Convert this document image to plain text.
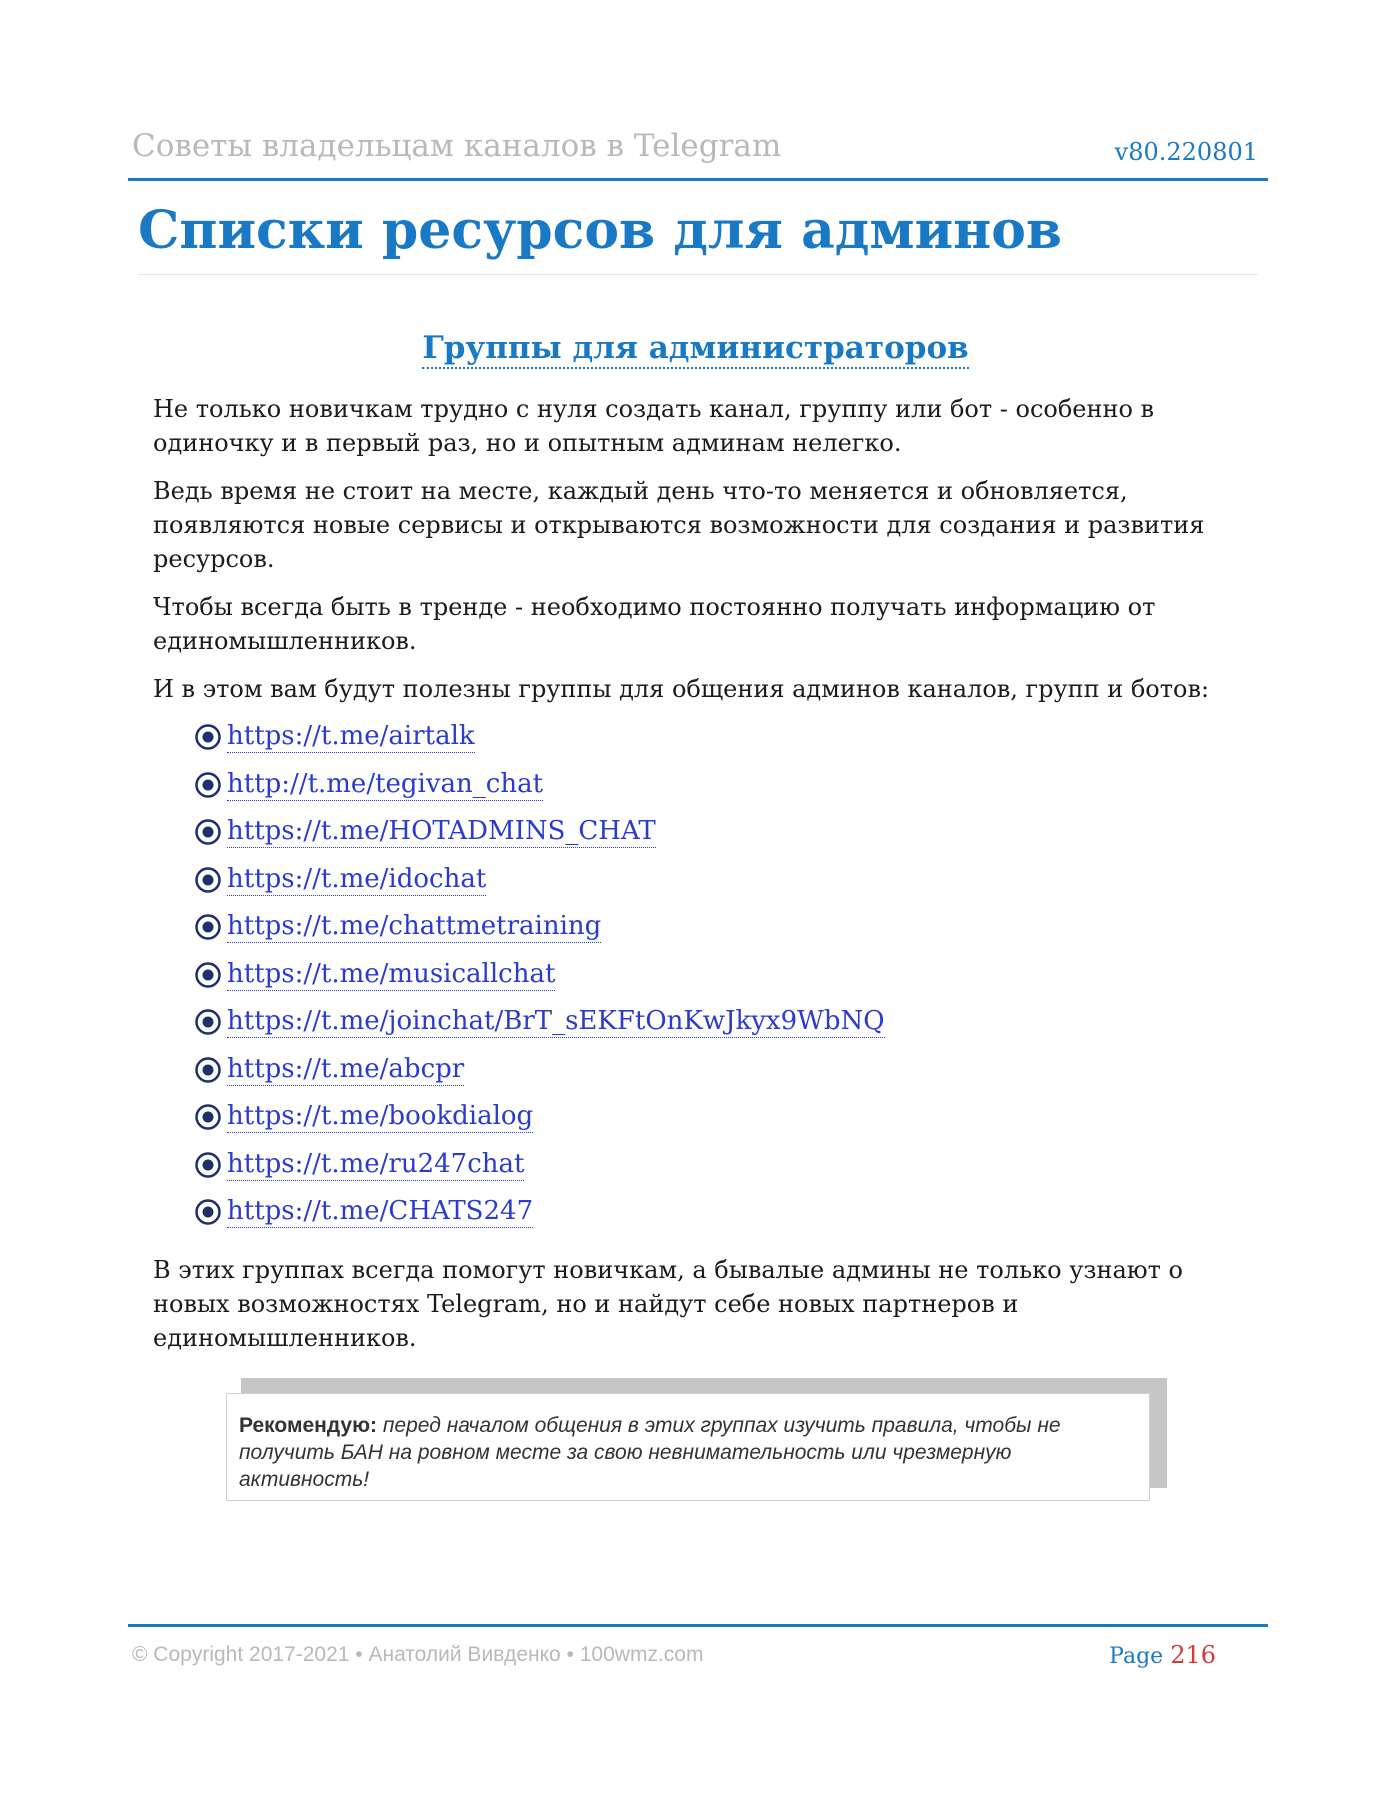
Советы владельцам каналов в Telegram	v80.220801
Списки ресурсов для админов
Группы для администраторов

Не только новичкам трудно с нуля создать канал, группу или бот - особенно в одиночку и в первый раз, но и опытным админам нелегко.

Ведь время не стоит на месте, каждый день что-то меняется и обновляется, появляются новые сервисы и открываются возможности для создания и развития ресурсов.

Чтобы всегда быть в тренде - необходимо постоянно получать информацию от единомышленников.

И в этом вам будут полезны группы для общения админов каналов, групп и ботов:

https://t.me/airtalk
http://t.me/tegivan_chat
https://t.me/HOTADMINS_CHAT
https://t.me/idochat
https://t.me/chattmetraining
https://t.me/musicallchat
https://t.me/joinchat/BrT_sEKFtOnKwJkyx9WbNQ
https://t.me/abcpr
https://t.me/bookdialog
https://t.me/ru247chat
https://t.me/CHATS247

В этих группах всегда помогут новичкам, а бывалые админы не только узнают о новых возможностях Telegram, но и найдут себе новых партнеров и единомышленников.

Рекомендую: перед началом общения в этих группах изучить правила, чтобы не получить БАН на ровном месте за свою невнимательность или чрезмерную активность!
© Copyright 2017-2021 • Анатолий Вивденко • 100wmz.com	Page 216
